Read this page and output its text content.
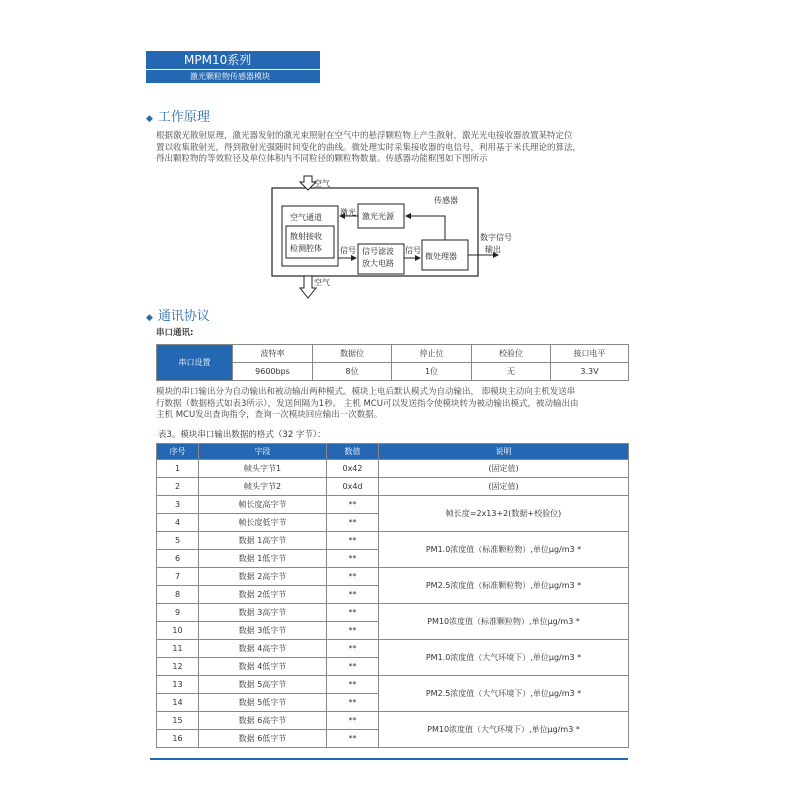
MPM10系列
激光颗粒物传感器模块
◆ 工作原理
根据激光散射原理，激光器发射的激光束照射在空气中的悬浮颗粒物上产生散射，激光光电接收器放置某特定位
置以收集散射光，得到散射光强随时间变化的曲线。微处理实时采集接收器的电信号，利用基于米氏理论的算法，
得出颗粒物的等效粒径及单位体积内不同粒径的颗粒物数量。传感器功能框图如下图所示
空气
空气
传感器
空气通道
散射接收
检测腔体
激光 激光光源
信号 信号滤波
放大电路
信号
微处理器
数字信号
输出
◆ 通讯协议
串口通讯:
串口设置	波特率	数据位	停止位	校验位	接口电平
	9600bps	8位	1位	无	3.3V
模块的串口输出分为自动输出和被动输出两种模式。模块上电后默认模式为自动输出， 即模块主动向主机发送串
行数据（数据格式如表3所示），发送间隔为1秒。 主机 MCU可以发送指令使模块转为被动输出模式，被动输出由
主机 MCU发出查询指令，查询一次模块回应输出一次数据。
表3。模块串口输出数据的格式（32 字节）：
序号	字段	数值	说明
1	帧头字节1	0x42	(固定值)
2	帧头字节2	0x4d	(固定值)
3	帧长度高字节	**	帧长度=2x13+2(数据+校验位)
4	帧长度低字节	**	
5	数据 1高字节	**	PM1.0浓度值（标准颗粒物）,单位μg/m3 *
6	数据 1低字节	**	
7	数据 2高字节	**	PM2.5浓度值（标准颗粒物）,单位μg/m3 *
8	数据 2低字节	**	
9	数据 3高字节	**	PM10浓度值（标准颗粒物）,单位μg/m3 *
10	数据 3低字节	**	
11	数据 4高字节	**	PM1.0浓度值（大气环境下）,单位μg/m3 *
12	数据 4低字节	**	
13	数据 5高字节	**	PM2.5浓度值（大气环境下）,单位μg/m3 *
14	数据 5低字节	**	
15	数据 6高字节	**	PM10浓度值（大气环境下）,单位μg/m3 *
16	数据 6低字节	**	
